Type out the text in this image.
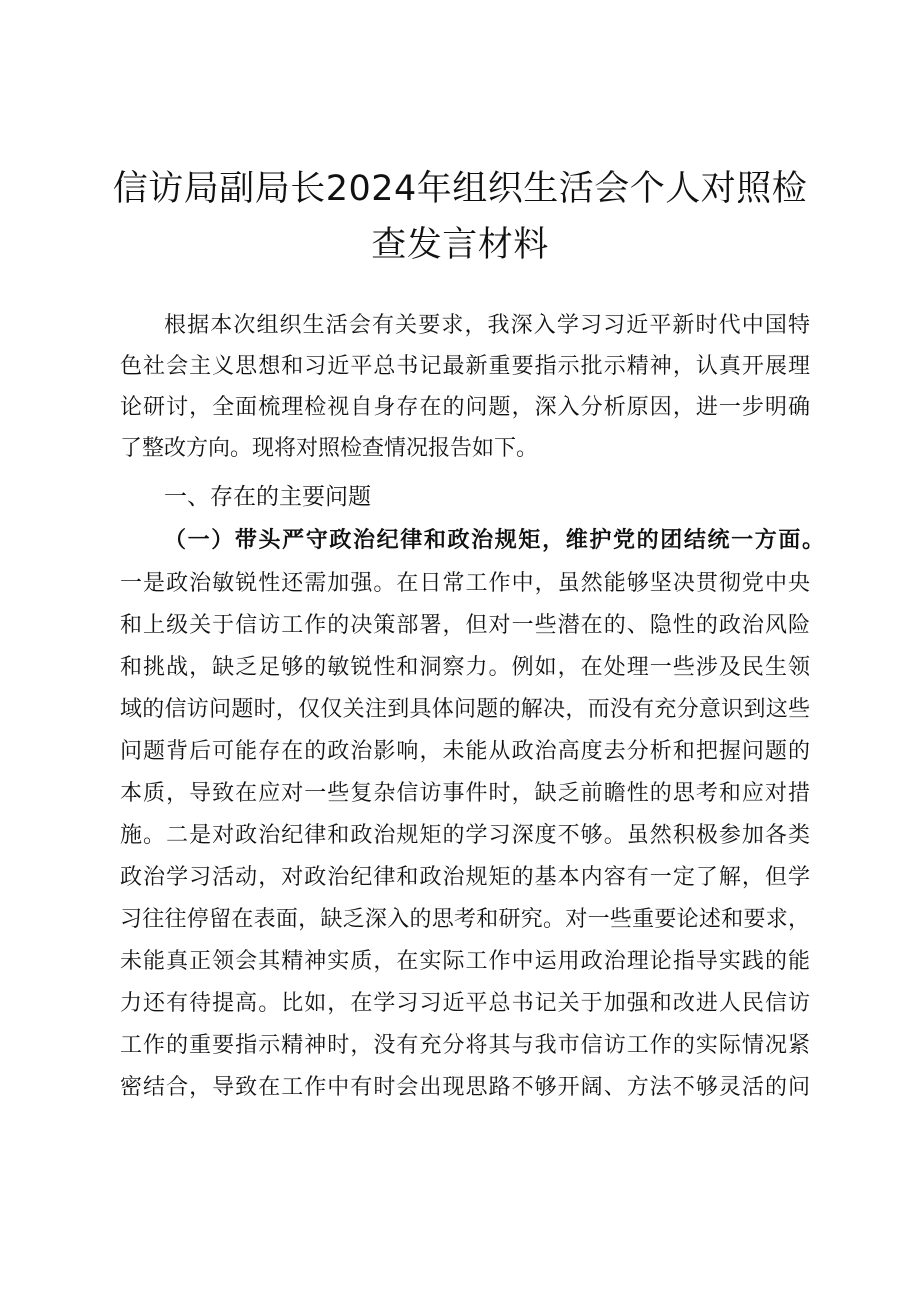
信访局副局长2024年组织生活会个人对照检
查发言材料
根据本次组织生活会有关要求，我深入学习习近平新时代中国特
色社会主义思想和习近平总书记最新重要指示批示精神，认真开展理
论研讨，全面梳理检视自身存在的问题，深入分析原因，进一步明确
了整改方向。现将对照检查情况报告如下。
一、存在的主要问题
（一）带头严守政治纪律和政治规矩，维护党的团结统一方面。
一是政治敏锐性还需加强。在日常工作中，虽然能够坚决贯彻党中央
和上级关于信访工作的决策部署，但对一些潜在的、隐性的政治风险
和挑战，缺乏足够的敏锐性和洞察力。例如，在处理一些涉及民生领
域的信访问题时，仅仅关注到具体问题的解决，而没有充分意识到这些
问题背后可能存在的政治影响，未能从政治高度去分析和把握问题的
本质，导致在应对一些复杂信访事件时，缺乏前瞻性的思考和应对措
施。二是对政治纪律和政治规矩的学习深度不够。虽然积极参加各类
政治学习活动，对政治纪律和政治规矩的基本内容有一定了解，但学
习往往停留在表面，缺乏深入的思考和研究。对一些重要论述和要求，
未能真正领会其精神实质，在实际工作中运用政治理论指导实践的能
力还有待提高。比如，在学习习近平总书记关于加强和改进人民信访
工作的重要指示精神时，没有充分将其与我市信访工作的实际情况紧
密结合，导致在工作中有时会出现思路不够开阔、方法不够灵活的问
